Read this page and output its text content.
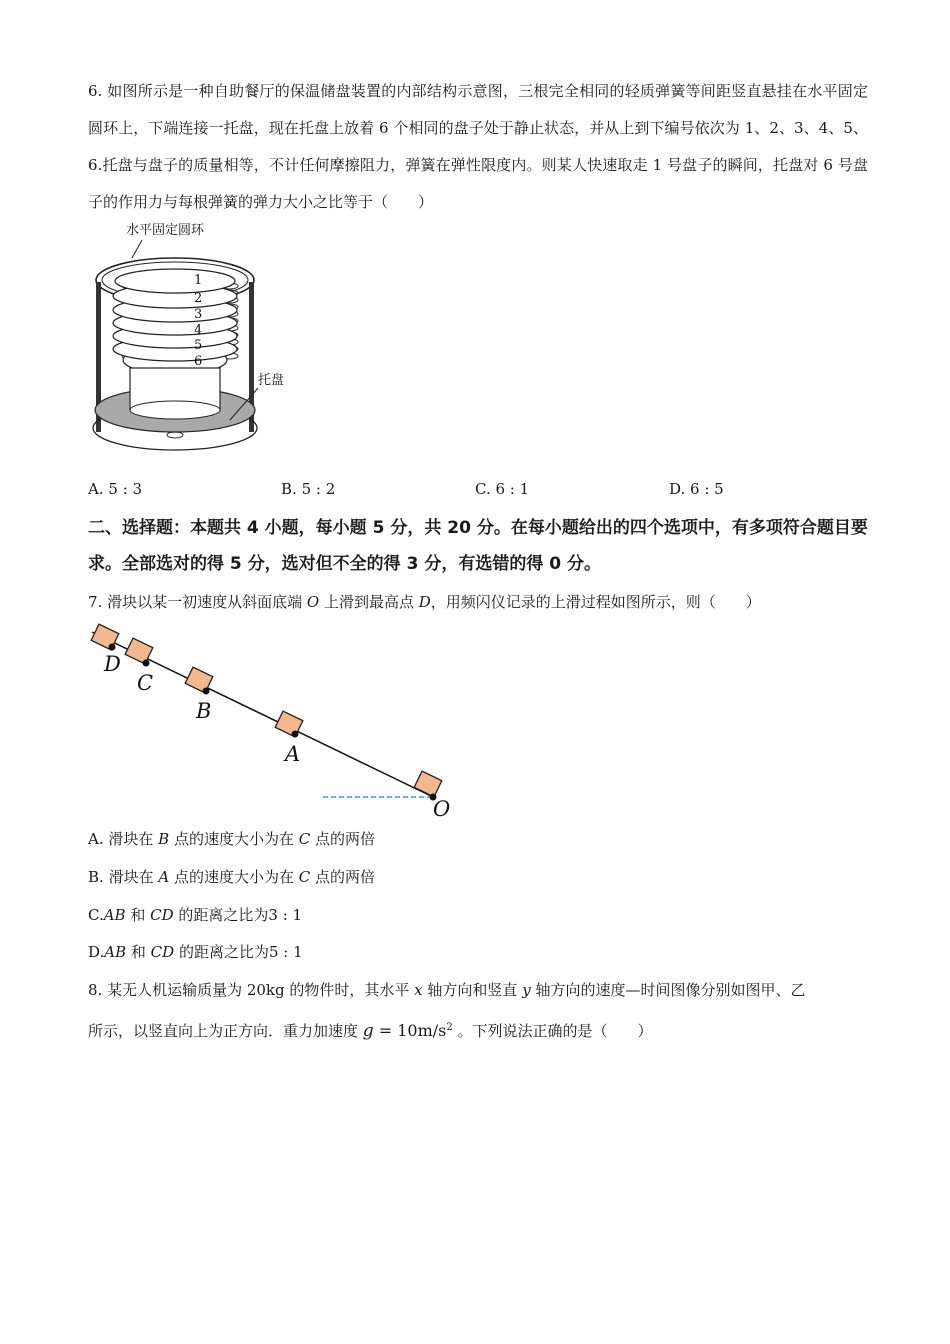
6. 如图所示是一种自助餐厅的保温储盘装置的内部结构示意图，三根完全相同的轻质弹簧等间距竖直悬挂在水平固定圆环上，下端连接一托盘，现在托盘上放着 6 个相同的盘子处于静止状态，并从上到下编号依次为 1、2、3、4、5、6.托盘与盘子的质量相等，不计任何摩擦阻力，弹簧在弹性限度内。则某人快速取走 1 号盘子的瞬间，托盘对 6 号盘子的作用力与每根弹簧的弹力大小之比等于（　　）
1
2
3
4
5
6
水平固定圆环
托盘
A. 5 : 3	B. 5 : 2	C. 6 : 1	D. 6 : 5
二、选择题：本题共 4 小题，每小题 5 分，共 20 分。在每小题给出的四个选项中，有多项符合题目要求。全部选对的得 5 分，选对但不全的得 3 分，有选错的得 0 分。
7. 滑块以某一初速度从斜面底端 O 上滑到最高点 D，用频闪仪记录的上滑过程如图所示，则（　　）
D
C
B
A
O
A. 滑块在 B 点的速度大小为在 C 点的两倍
B. 滑块在 A 点的速度大小为在 C 点的两倍
C.AB 和 CD 的距离之比为3 : 1
D.AB 和 CD 的距离之比为5 : 1
8. 某无人机运输质量为 20kg 的物件时，其水平 x 轴方向和竖直 y 轴方向的速度—时间图像分别如图甲、乙
所示，以竖直向上为正方向．重力加速度 $g = 10m/s^2$ 。下列说法正确的是（　　）
